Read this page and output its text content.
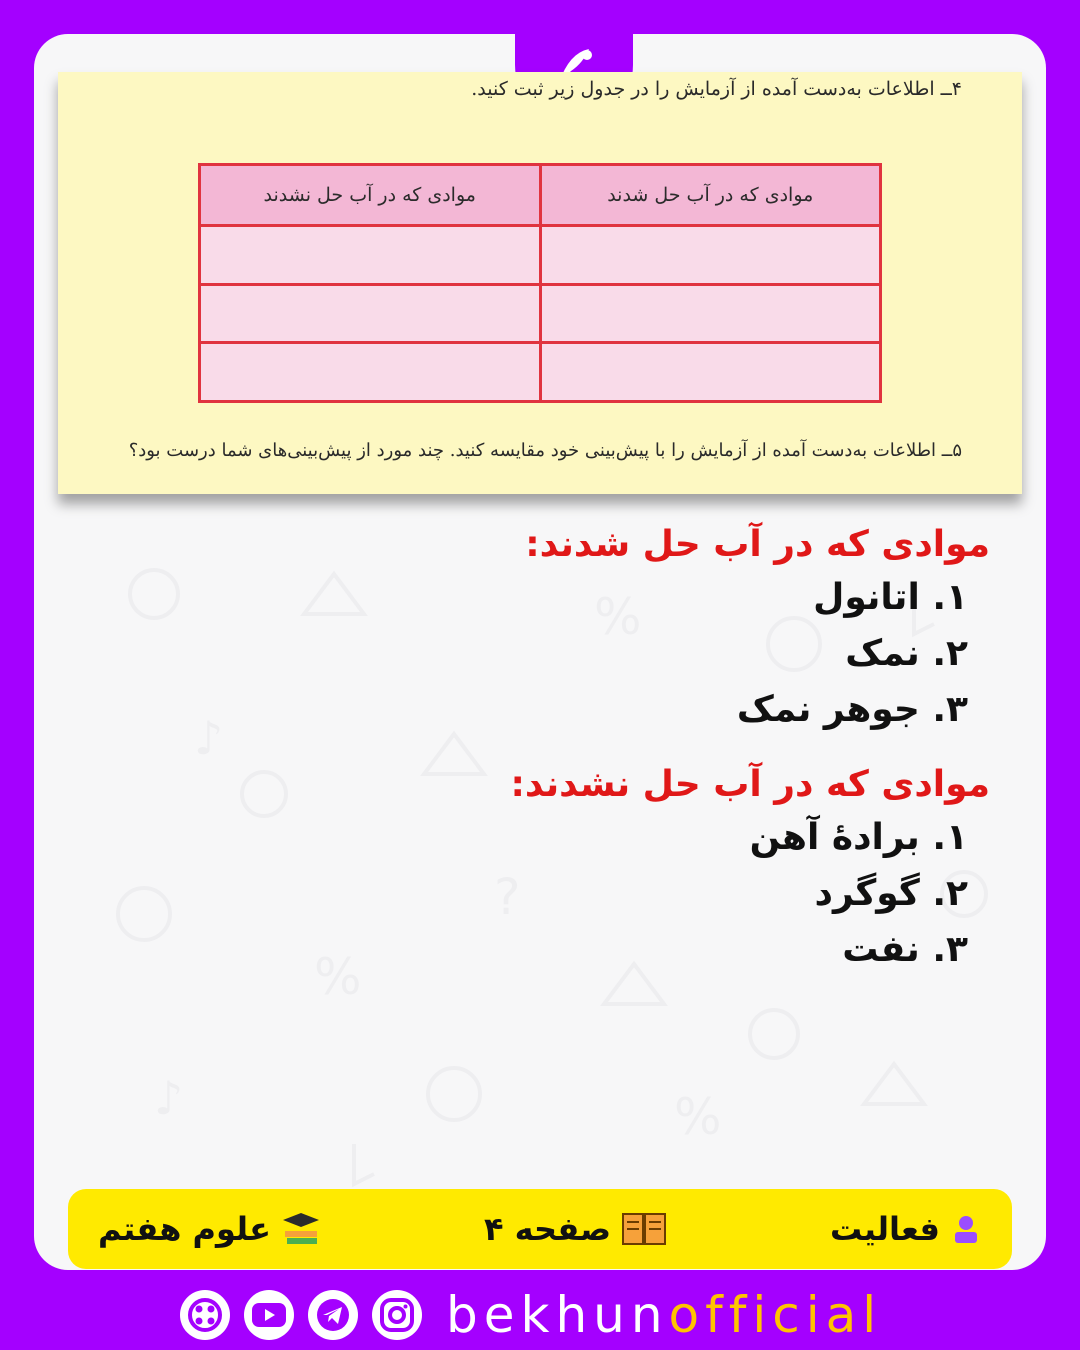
%
♪
?
%
♪	%
۴ــ اطلاعات به‌دست آمده از آزمایش را در جدول زیر ثبت کنید.
موادی که در آب حل شدند	موادی که در آب حل نشدند

۵ــ اطلاعات به‌دست آمده از آزمایش را با پیش‌بینی خود مقایسه کنید. چند مورد از پیش‌بینی‌های شما درست بود؟
موادی که در آب حل شدند:
۱. اتانول
۲. نمک
۳. جوهر نمک
موادی که در آب حل نشدند:
۱. برادهٔ آهن
۲. گوگرد
۳. نفت
فعالیت
صفحه ۴
علوم هفتم
bekhunofficial
